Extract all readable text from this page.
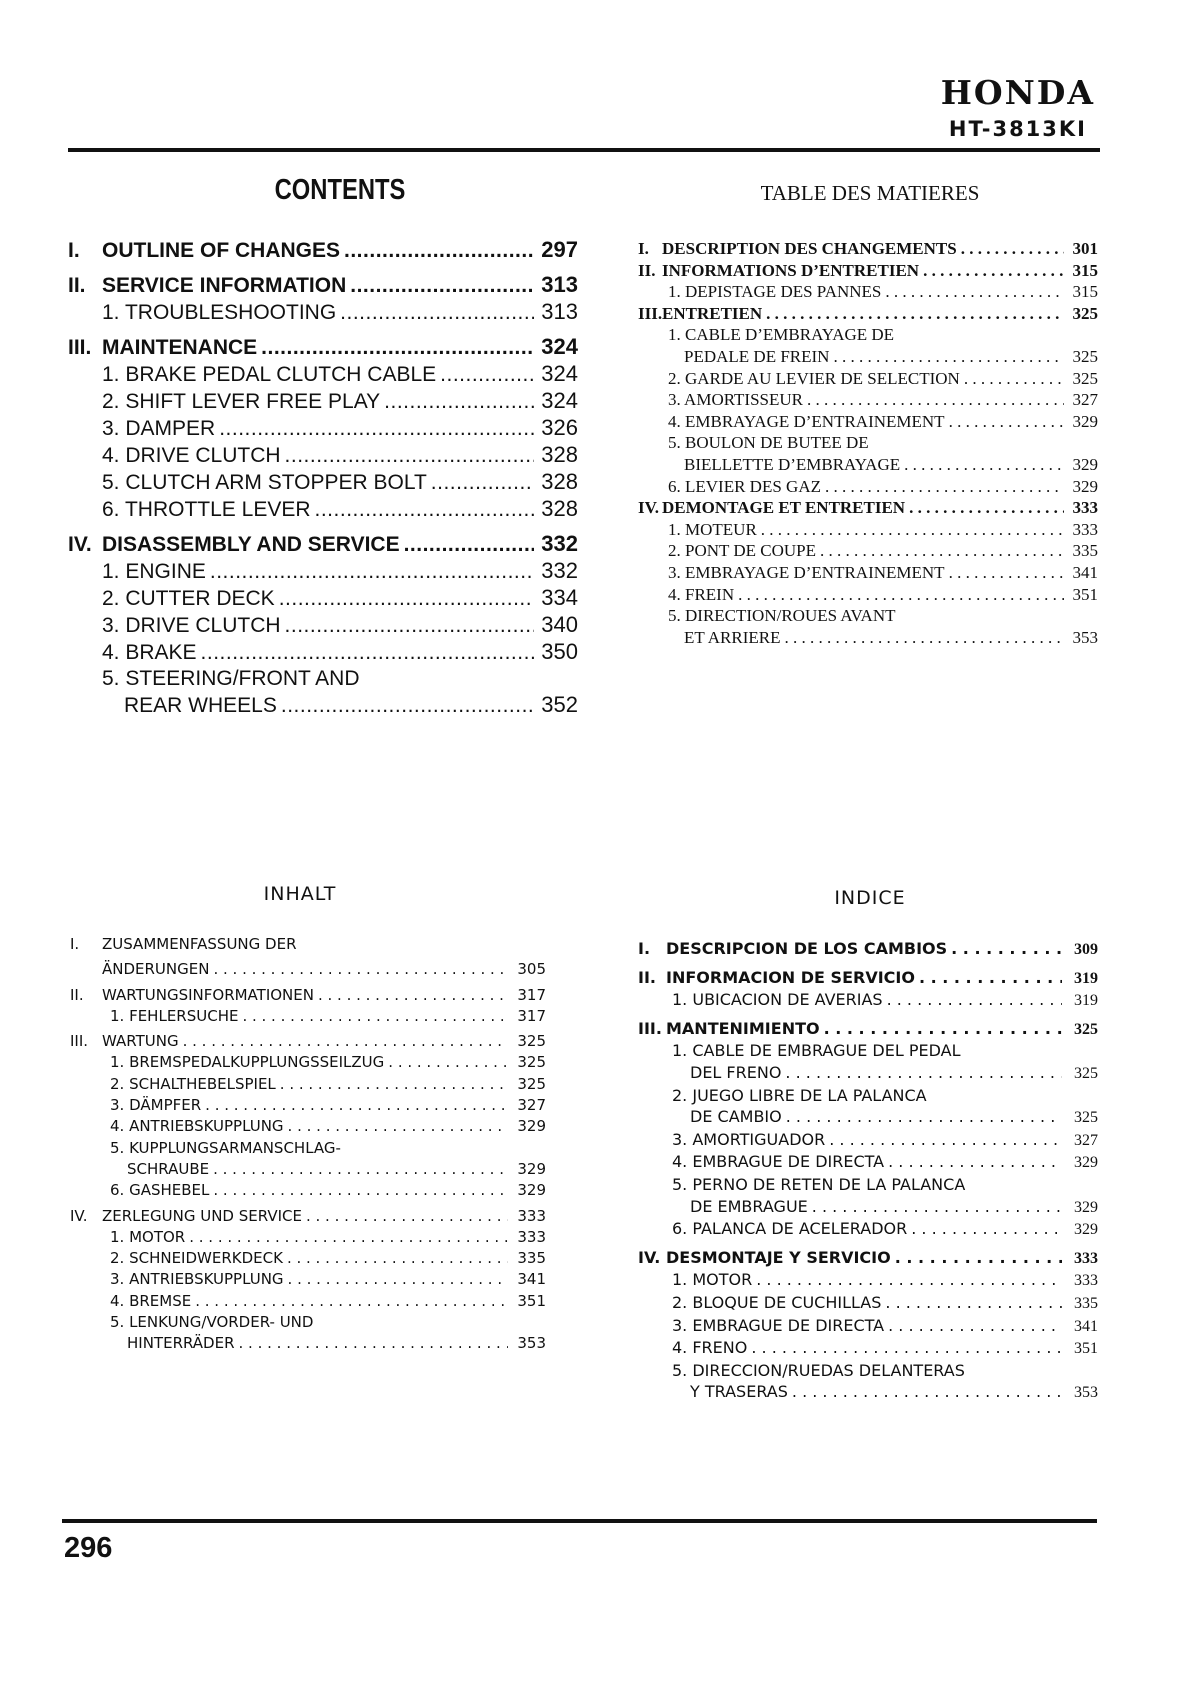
HONDA
HT-3813KI
CONTENTS	TABLE DES MATIERES
INHALT	INDICE
I.	OUTLINE OF CHANGES .....	297
II. SERVICE INFORMATION .....	313
1. TROUBLESHOOTING .....	313
III. MAINTENANCE .....	324
1. BRAKE PEDAL CLUTCH CABLE .....	324
2. SHIFT LEVER FREE PLAY .....	324
3. DAMPER .....	326
4. DRIVE CLUTCH .....	328
5. CLUTCH ARM STOPPER BOLT .....	328
6. THROTTLE LEVER .....	328
IV. DISASSEMBLY AND SERVICE .....	332
1. ENGINE .....	332
2. CUTTER DECK .....	334
3. DRIVE CLUTCH .....	340
4. BRAKE .....	350
5. STEERING/FRONT AND
REAR WHEELS .....	352
I. DESCRIPTION DES CHANGEMENTS . . .	301
II. INFORMATIONS D’ENTRETIEN . . .	315
1. DEPISTAGE DES PANNES . . .	315
III. ENTRETIEN . . .	325
1. CABLE D’EMBRAYAGE DE
PEDALE DE FREIN . . .	325
2. GARDE AU LEVIER DE SELECTION . . .	325
3. AMORTISSEUR . . .	327
4. EMBRAYAGE D’ENTRAINEMENT . . .	329
5. BOULON DE BUTEE DE
BIELLETTE D’EMBRAYAGE . . .	329
6. LEVIER DES GAZ . . .	329
IV. DEMONTAGE ET ENTRETIEN . . .	333
1. MOTEUR . . .	333
2. PONT DE COUPE . . .	335
3. EMBRAYAGE D’ENTRAINEMENT . . .	341
4. FREIN . . .	351
5. DIRECTION/ROUES AVANT
ET ARRIERE . . .	353
I.	ZUSAMMENFASSUNG DER
ÄNDERUNGEN . . .	305
II.	WARTUNGSINFORMATIONEN . . .	317
1. FEHLERSUCHE . . .	317
III. WARTUNG . . .	325
1. BREMSPEDALKUPPLUNGSSEILZUG . . .	325
2. SCHALTHEBELSPIEL . . .	325
3. DÄMPFER . . .	327
4. ANTRIEBSKUPPLUNG . . .	329
5. KUPPLUNGSARMANSCHLAG-
SCHRAUBE . . .	329
6. GASHEBEL . . .	329
IV. ZERLEGUNG UND SERVICE . . .	333
1. MOTOR . . .	333
2. SCHNEIDWERKDECK . . .	335
3. ANTRIEBSKUPPLUNG . . .	341
4. BREMSE . . .	351
5. LENKUNG/VORDER- UND
HINTERRÄDER . . .	353
I. DESCRIPCION DE LOS CAMBIOS . . .	309
II. INFORMACION DE SERVICIO . . .	319
1. UBICACION DE AVERIAS . . .	319
III. MANTENIMIENTO . . .	325
1. CABLE DE EMBRAGUE DEL PEDAL
DEL FRENO . . .	325
2. JUEGO LIBRE DE LA PALANCA
DE CAMBIO . . .	325
3. AMORTIGUADOR . . .	327
4. EMBRAGUE DE DIRECTA . . .	329
5. PERNO DE RETEN DE LA PALANCA
DE EMBRAGUE . . .	329
6. PALANCA DE ACELERADOR . . .	329
IV. DESMONTAJE Y SERVICIO . . .	333
1. MOTOR . . .	333
2. BLOQUE DE CUCHILLAS . . .	335
3. EMBRAGUE DE DIRECTA . . .	341
4. FRENO . . .	351
5. DIRECCION/RUEDAS DELANTERAS
Y TRASERAS . . .	353
296
